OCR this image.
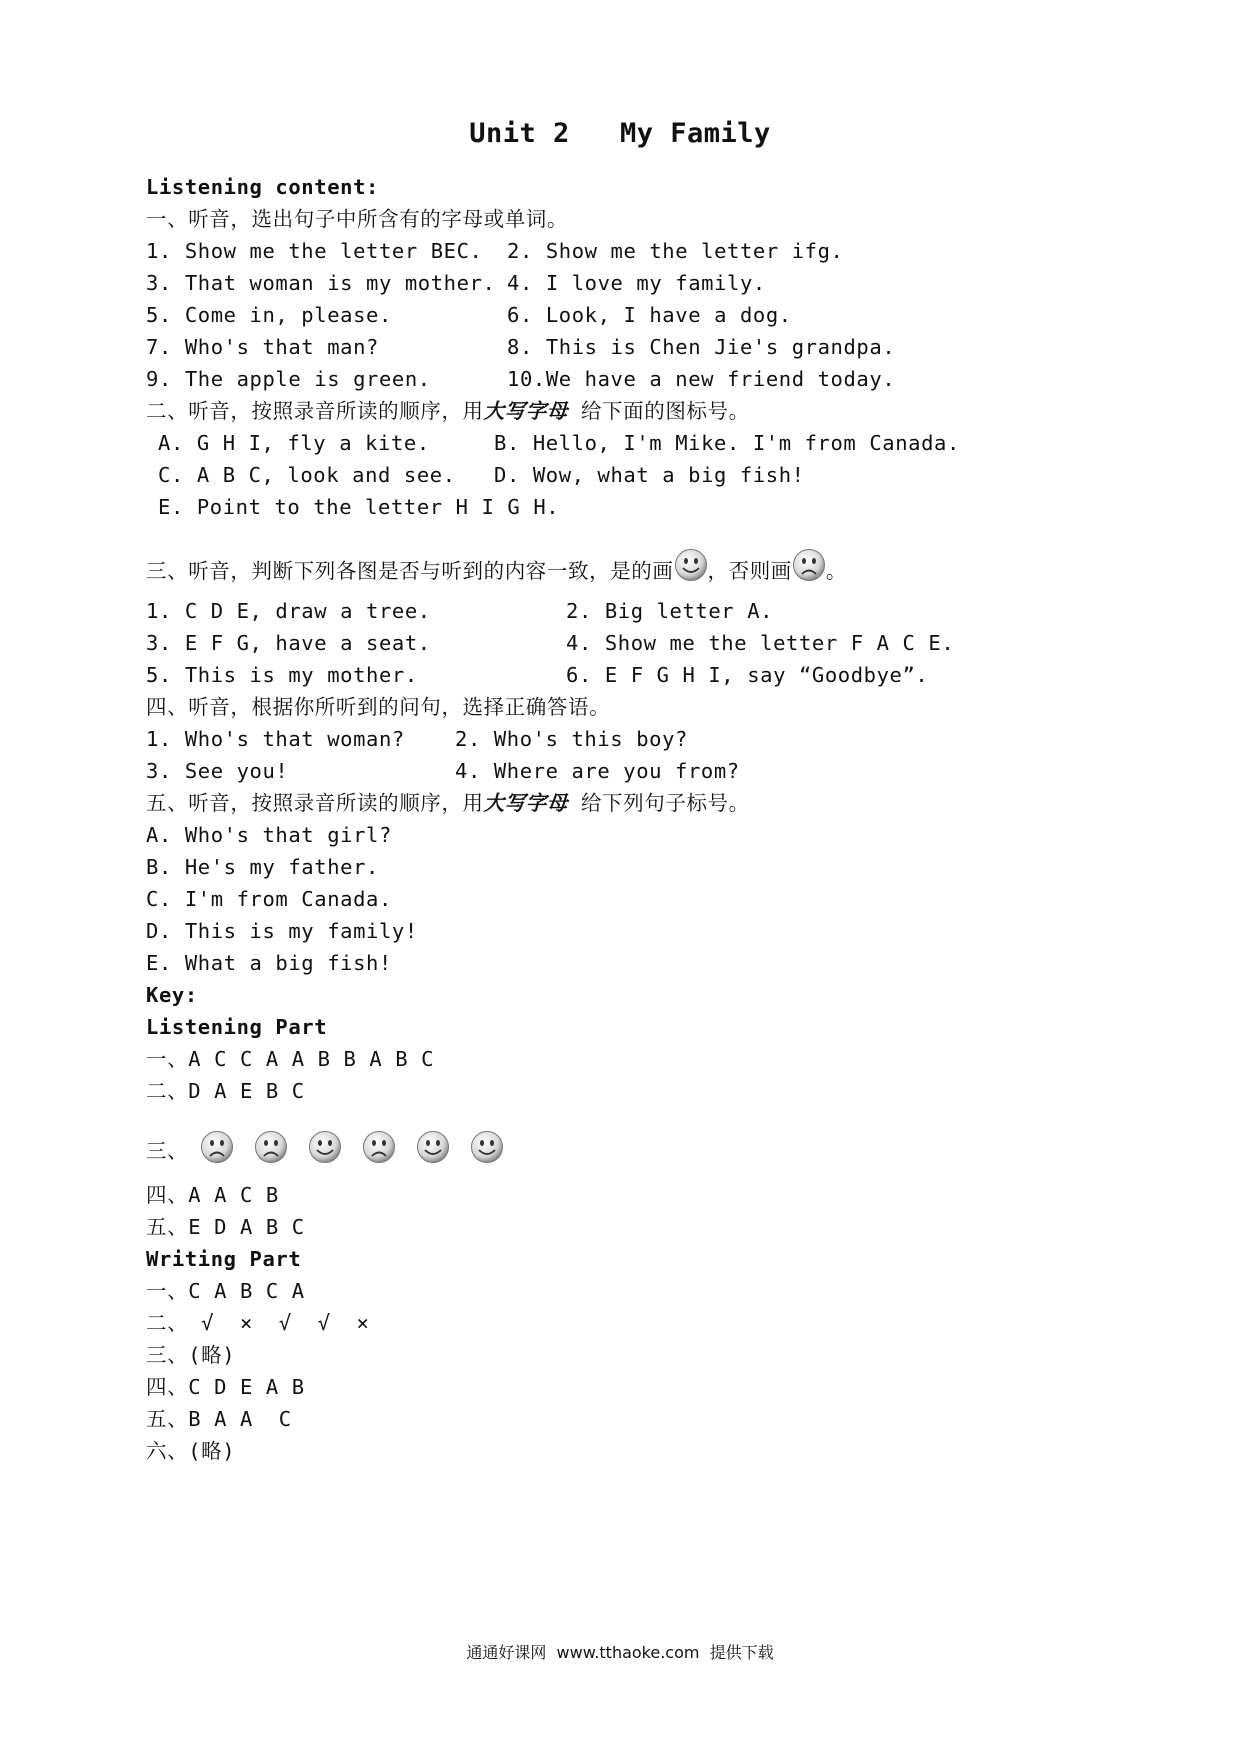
Unit 2   My Family
Listening content:
一、听音，选出句子中所含有的字母或单词。
1. Show me the letter BEC. 2. Show me the letter ifg.
3. That woman is my mother. 4. I love my family.
5. Come in, please.	6. Look, I have a dog.
7. Who's that man?	8. This is Chen Jie's grandpa.
9. The apple is green.	10.We have a new friend today.
二、听音，按照录音所读的顺序，用大写字母 给下面的图标号。
A. G H I, fly a kite.	B. Hello, I'm Mike. I'm from Canada.
C. A B C, look and see. D. Wow, what a big fish!
E. Point to the letter H I G H.
三、听音，判断下列各图是否与听到的内容一致，是的画 ，否则画 。
1. C D E, draw a tree.	2. Big letter A.
3. E F G, have a seat.	4. Show me the letter F A C E.
5. This is my mother.	6. E F G H I, say “Goodbye”.
四、听音，根据你所听到的问句，选择正确答语。
1. Who's that woman? 2. Who's this boy?
3. See you!	4. Where are you from?
五、听音，按照录音所读的顺序，用大写字母 给下列句子标号。
A. Who's that girl?
B. He's my father.
C. I'm from Canada.
D. This is my family!
E. What a big fish!
Key:
Listening Part
一、A C C A A B B A B C
二、D A E B C
三、
四、A A C B
五、E D A B C
Writing Part
一、C A B C A
二、 √  ×  √  √  ×
三、(略)
四、C D E A B
五、B A A  C
六、(略)
通通好课网  www.tthaoke.com  提供下载
